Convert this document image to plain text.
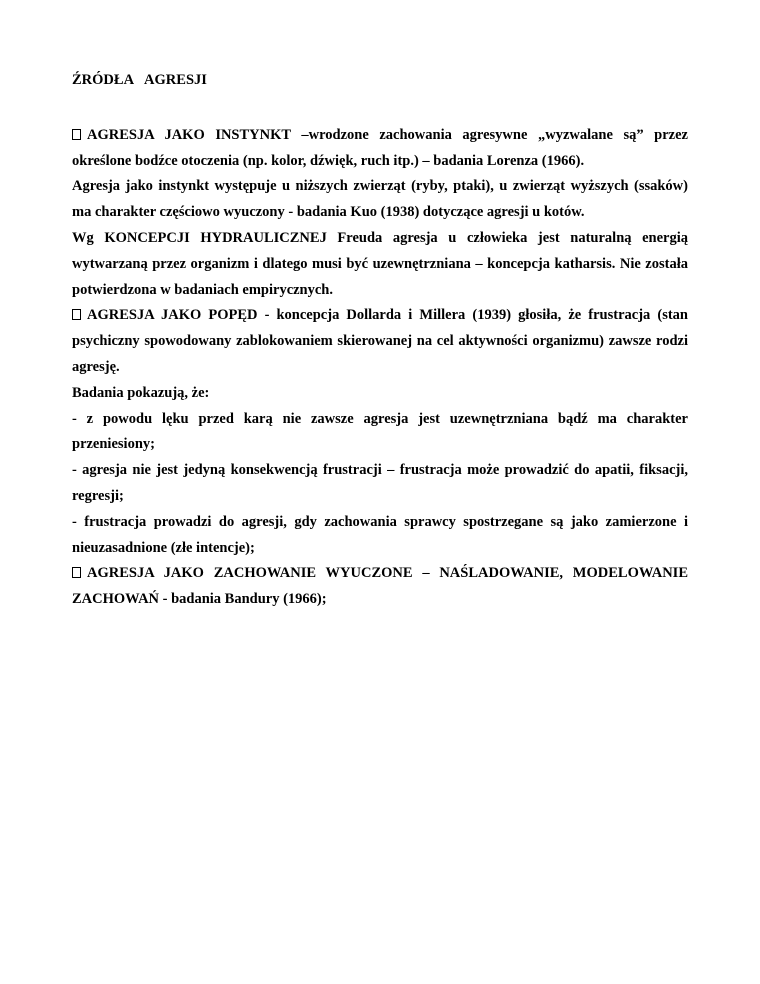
ŹRÓDŁA AGRESJI

AGRESJA JAKO INSTYNKT –wrodzone zachowania agresywne „wyzwalane są” przez określone bodźce otoczenia (np. kolor, dźwięk, ruch itp.) – badania Lorenza (1966).

Agresja jako instynkt występuje u niższych zwierząt (ryby, ptaki), u zwierząt wyższych (ssaków) ma charakter częściowo wyuczony - badania Kuo (1938) dotyczące agresji u kotów.

Wg KONCEPCJI HYDRAULICZNEJ Freuda agresja u człowieka jest naturalną energią wytwarzaną przez organizm i dlatego musi być uzewnętrzniana – koncepcja katharsis. Nie została potwierdzona w badaniach empirycznych.

AGRESJA JAKO POPĘD - koncepcja Dollarda i Millera (1939) głosiła, że frustracja (stan psychiczny spowodowany zablokowaniem skierowanej na cel aktywności organizmu) zawsze rodzi agresję.

Badania pokazują, że:

- z powodu lęku przed karą nie zawsze agresja jest uzewnętrzniana bądź ma charakter przeniesiony;

- agresja nie jest jedyną konsekwencją frustracji – frustracja może prowadzić do apatii, fiksacji, regresji;

- frustracja prowadzi do agresji, gdy zachowania sprawcy spostrzegane są jako zamierzone i nieuzasadnione (złe intencje);

AGRESJA JAKO ZACHOWANIE WYUCZONE – NAŚLADOWANIE, MODELOWANIE ZACHOWAŃ - badania Bandury (1966);
